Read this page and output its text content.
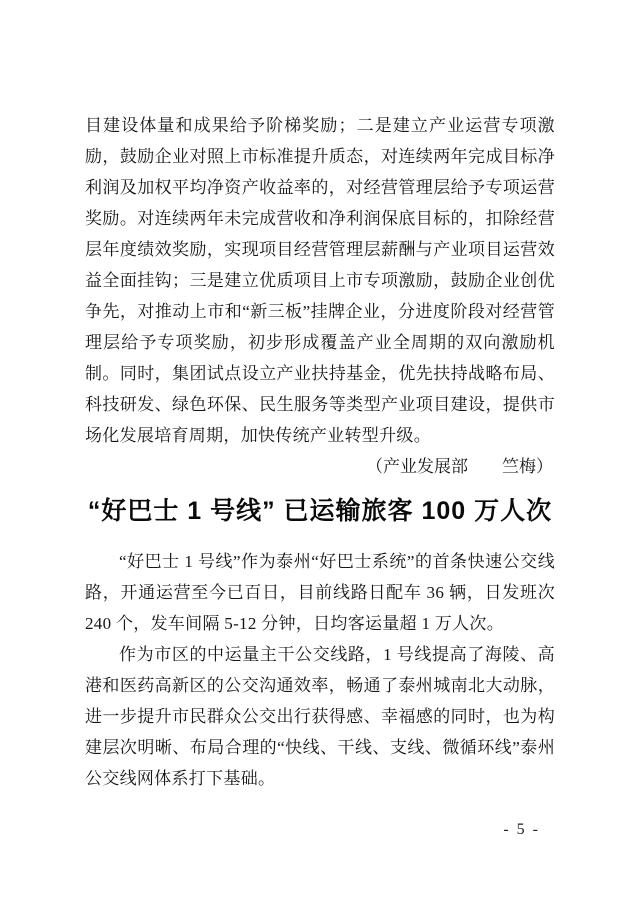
目建设体量和成果给予阶梯奖励；二是建立产业运营专项激励，鼓励企业对照上市标准提升质态，对连续两年完成目标净利润及加权平均净资产收益率的，对经营管理层给予专项运营奖励。对连续两年未完成营收和净利润保底目标的，扣除经营层年度绩效奖励，实现项目经营管理层薪酬与产业项目运营效益全面挂钩；三是建立优质项目上市专项激励，鼓励企业创优争先，对推动上市和“新三板”挂牌企业，分进度阶段对经营管理层给予专项奖励，初步形成覆盖产业全周期的双向激励机制。同时，集团试点设立产业扶持基金，优先扶持战略布局、科技研发、绿色环保、民生服务等类型产业项目建设，提供市场化发展培育周期，加快传统产业转型升级。

（产业发展部　　竺梅）

“好巴士 1 号线” 已运输旅客 100 万人次

“好巴士 1 号线”作为泰州“好巴士系统”的首条快速公交线路，开通运营至今已百日，目前线路日配车 36 辆，日发班次 240 个，发车间隔 5-12 分钟，日均客运量超 1 万人次。

作为市区的中运量主干公交线路，1 号线提高了海陵、高港和医药高新区的公交沟通效率，畅通了泰州城南北大动脉，进一步提升市民群众公交出行获得感、幸福感的同时，也为构建层次明晰、布局合理的“快线、干线、支线、微循环线”泰州公交线网体系打下基础。

- 5 -
